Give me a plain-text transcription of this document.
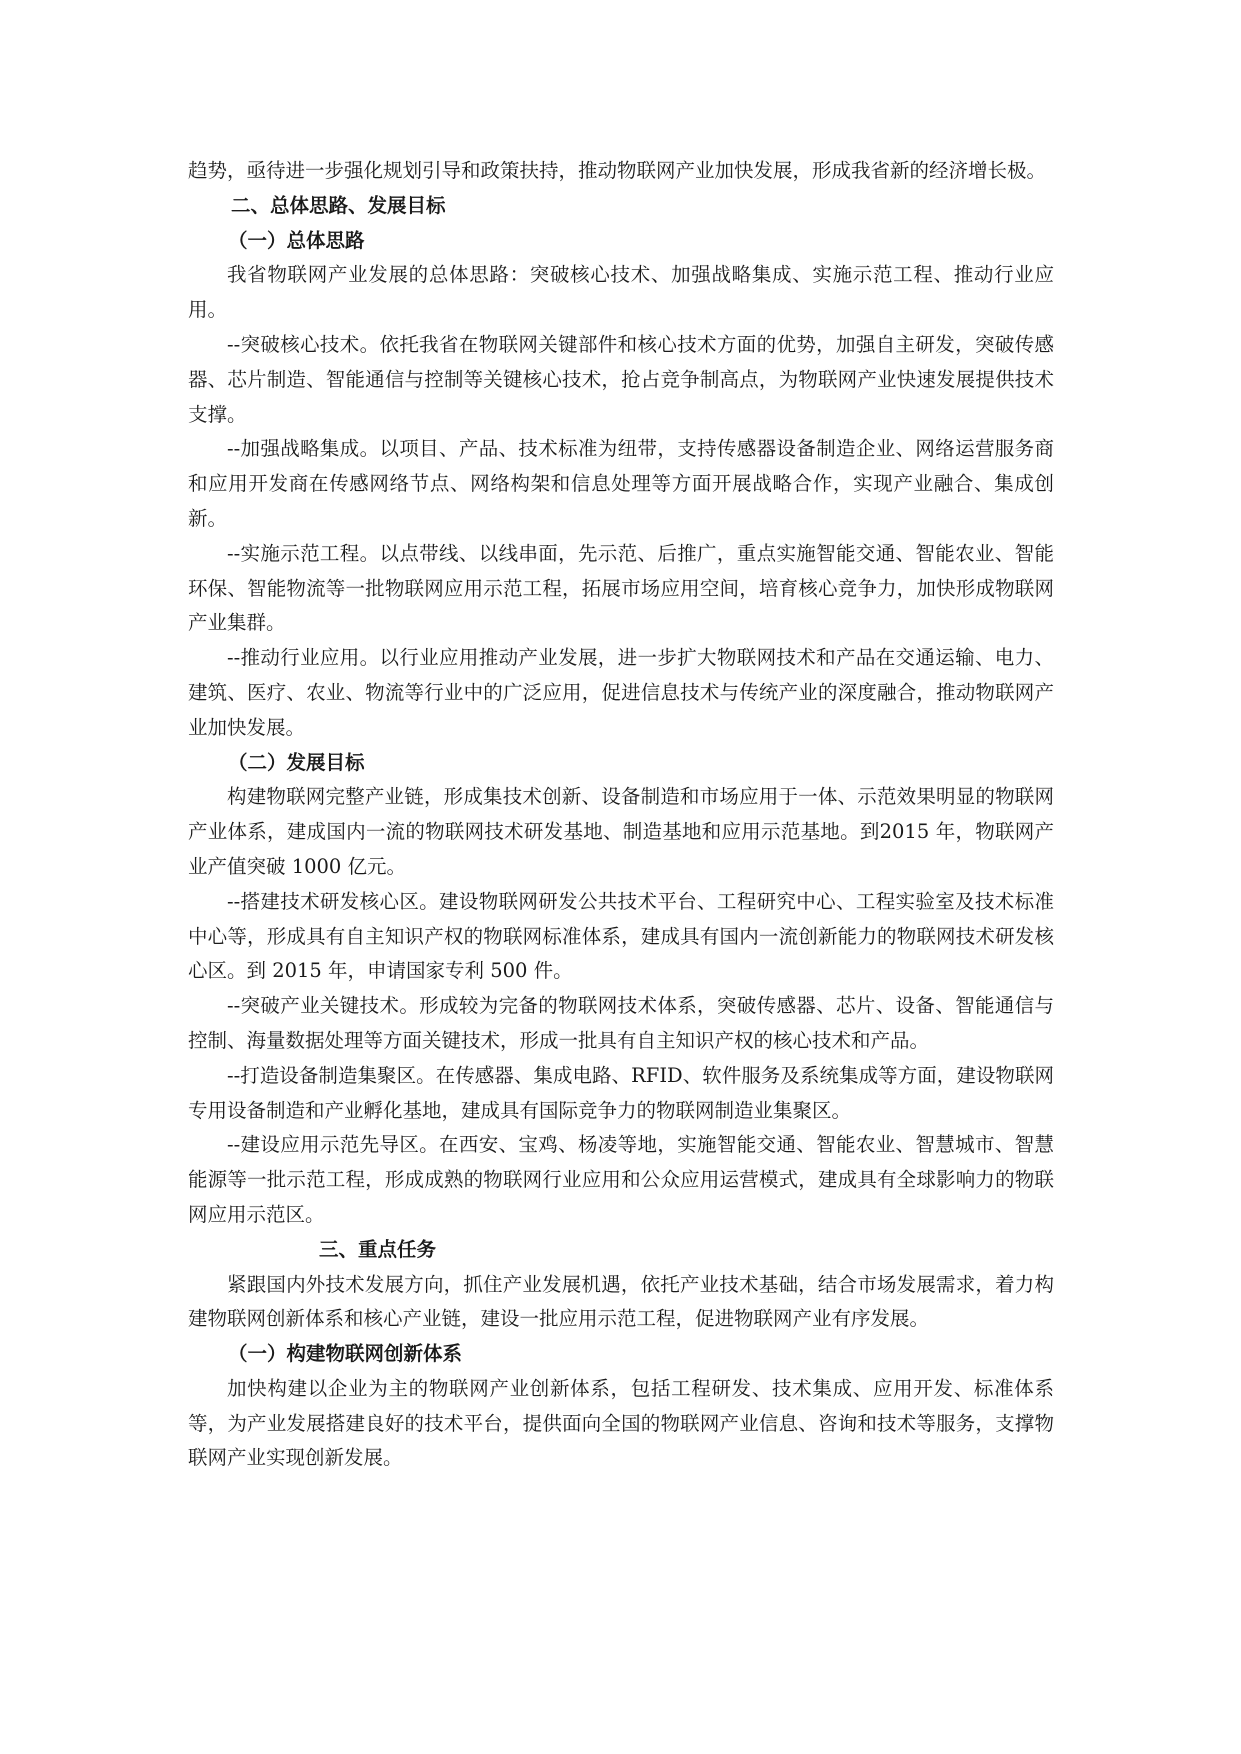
趋势，亟待进一步强化规划引导和政策扶持，推动物联网产业加快发展，形成我省新的经济增长极。

二、总体思路、发展目标

（一）总体思路

我省物联网产业发展的总体思路：突破核心技术、加强战略集成、实施示范工程、推动行业应用。

--突破核心技术。依托我省在物联网关键部件和核心技术方面的优势，加强自主研发，突破传感器、芯片制造、智能通信与控制等关键核心技术，抢占竞争制高点，为物联网产业快速发展提供技术支撑。

--加强战略集成。以项目、产品、技术标准为纽带，支持传感器设备制造企业、网络运营服务商和应用开发商在传感网络节点、网络构架和信息处理等方面开展战略合作，实现产业融合、集成创新。

--实施示范工程。以点带线、以线串面，先示范、后推广，重点实施智能交通、智能农业、智能环保、智能物流等一批物联网应用示范工程，拓展市场应用空间，培育核心竞争力，加快形成物联网产业集群。

--推动行业应用。以行业应用推动产业发展，进一步扩大物联网技术和产品在交通运输、电力、建筑、医疗、农业、物流等行业中的广泛应用，促进信息技术与传统产业的深度融合，推动物联网产业加快发展。

（二）发展目标

构建物联网完整产业链，形成集技术创新、设备制造和市场应用于一体、示范效果明显的物联网产业体系，建成国内一流的物联网技术研发基地、制造基地和应用示范基地。到2015 年，物联网产业产值突破 1000 亿元。

--搭建技术研发核心区。建设物联网研发公共技术平台、工程研究中心、工程实验室及技术标准中心等，形成具有自主知识产权的物联网标准体系，建成具有国内一流创新能力的物联网技术研发核心区。到 2015 年，申请国家专利 500 件。

--突破产业关键技术。形成较为完备的物联网技术体系，突破传感器、芯片、设备、智能通信与控制、海量数据处理等方面关键技术，形成一批具有自主知识产权的核心技术和产品。

--打造设备制造集聚区。在传感器、集成电路、RFID、软件服务及系统集成等方面，建设物联网专用设备制造和产业孵化基地，建成具有国际竞争力的物联网制造业集聚区。

--建设应用示范先导区。在西安、宝鸡、杨凌等地，实施智能交通、智能农业、智慧城市、智慧能源等一批示范工程，形成成熟的物联网行业应用和公众应用运营模式，建成具有全球影响力的物联网应用示范区。

三、重点任务

紧跟国内外技术发展方向，抓住产业发展机遇，依托产业技术基础，结合市场发展需求，着力构建物联网创新体系和核心产业链，建设一批应用示范工程，促进物联网产业有序发展。

（一）构建物联网创新体系

加快构建以企业为主的物联网产业创新体系，包括工程研发、技术集成、应用开发、标准体系等，为产业发展搭建良好的技术平台，提供面向全国的物联网产业信息、咨询和技术等服务，支撑物联网产业实现创新发展。
